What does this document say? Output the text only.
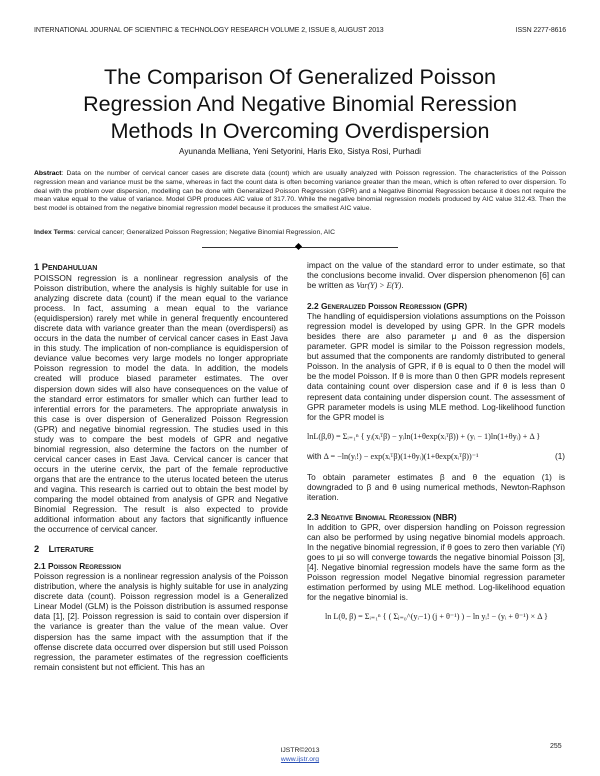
INTERNATIONAL JOURNAL OF SCIENTIFIC & TECHNOLOGY RESEARCH VOLUME 2, ISSUE 8, AUGUST 2013	ISSN 2277-8616
The Comparison Of Generalized Poisson
Regression And Negative Binomial Reression
Methods In Overcoming Overdispersion
Ayunanda Melliana, Yeni Setyorini, Haris Eko, Sistya Rosi, Purhadi
Abstract: Data on the number of cervical cancer cases are discrete data (count) which are usually analyzed with Poisson regression. The characteristics of the Poisson regression mean and variance must be the same, whereas in fact the count data is often becoming variance greater than the mean, which is often refered to over dispersion. To deal with the problem over dispersion, modelling can be done with Generalized Poisson Regression (GPR) and a Negative Binomial Regression because it does not require the mean value equal to the value of variance. Model GPR produces AIC value of 317.70. While the negative binomial regression models produced by AIC value 312.43. Then the best model is obtained from the negative binomial regression model because it produces the smallest AIC value.
Index Terms: cervical cancer; Generalized Poisson Regression; Negative Binomial Regression, AIC
1 Pendahuluan

POISSON regression is a nonlinear regression analysis of the Poisson distribution, where the analysis is highly suitable for use in analyzing discrete data (count) if the mean equal to the variance process. In fact, assuming a mean equal to the variance (equidispersion) rarely met while in general frequently encountered discrete data with variance greater than the mean (overdispersi) as occurs in the data the number of cervical cancer cases in East Java in this study. The implication of non-compliance is equidispersion of deviance value becomes very large models no longer appropriate Poisson regression to model the data. In addition, the models created will produce biased parameter estimates. The over dispersion down sides will also have consequences on the value of the standard error estimators for smaller which can further lead to inferential errors for the parameters. The appropriate anwalysis in this case is over dispersion of Generalized Poisson Regression (GPR) and negative binomial regression. The studies used in this study was to compare the best models of GPR and negative binomial regression, also determine the factors on the number of cervical cancer cases in East Java. Cervical cancer is cancer that occurs in the uterine cervix, the part of the female reproductive organs that are the entrance to the uterus located beteen the uterus and vagina. This research is carried out to obtain the best model by comparing the model obtained from analysis of GPR and Negative Binomial Regression. The result is also expected to provide additional information about any factors that significantly influence the occurrence of cervical cancer.

2 Literature
2.1 Poisson Regression

Poisson regression is a nonlinear regression analysis of the Poisson distribution, where the analysis is highly suitable for use in analyzing discrete data (count). Poisson regression model is a Generalized Linear Model (GLM) is the Poisson distribution is assumed response data [1], [2]. Poisson regression is said to contain over dispersion if the variance is greater than the value of the mean value. Over dispersion has the same impact with the assumption that if the offense discrete data occurred over dispersion but still used Poisson regression, the parameter estimates of the regression coefficients remain consistent but not efficient. This has an

impact on the value of the standard error to under estimate, so that the conclusions become invalid. Over dispersion phenomenon [6] can be written as Var(Y) > E(Y).

2.2 Generalized Poisson Regression (GPR)

The handling of equidispersion violations assumptions on the Poisson regression model is developed by using GPR. In the GPR models besides there are also parameter μ and θ as the dispersion parameter. GPR model is similar to the Poisson regression models, but assumed that the components are randomly distributed to general Poisson. In the analysis of GPR, if θ is equal to 0 then the model will be the model Poisson. If θ is more than 0 then GPR models represent data containing count over dispersion case and if θ is less than 0 represent data containing under dispersion count. The assessment of GPR parameter models is using MLE method. Log-likelihood function for the GPR model is

lnL(β,θ) = Σᵢ₌₁ⁿ { yᵢ(xᵢᵀβ) − yᵢln(1+θexp(xᵢᵀβ)) + (yᵢ − 1)ln(1+θyᵢ) + Δ }
with Δ = −ln(yᵢ!) − exp(xᵢᵀβ)(1+θyᵢ)(1+θexp(xᵢᵀβ))⁻¹	(1)

To obtain parameter estimates β and θ the equation (1) is downgraded to β and θ using numerical methods, Newton-Raphson iteration.

2.3 Negative Binomial Regression (NBR)

In addition to GPR, over dispersion handling on Poisson regression can also be performed by using negative binomial models approach. In the negative binomial regression, if θ goes to zero then variable (Yi) goes to μi so will converge towards the negative binomial Poisson [3], [4]. Negative binomial regression models have the same form as the Poisson regression model Negative binomial regression parameter estimation performed by using MLE method. Log-likelihood equation for the negative binomial is.

ln L(θ, β) = Σᵢ₌₁ⁿ { ( Σⱼ₌₀^(yᵢ−1) (j + θ⁻¹) ) − ln yᵢ! − (yᵢ + θ⁻¹) × Δ }
255
IJSTR©2013
www.ijstr.org
